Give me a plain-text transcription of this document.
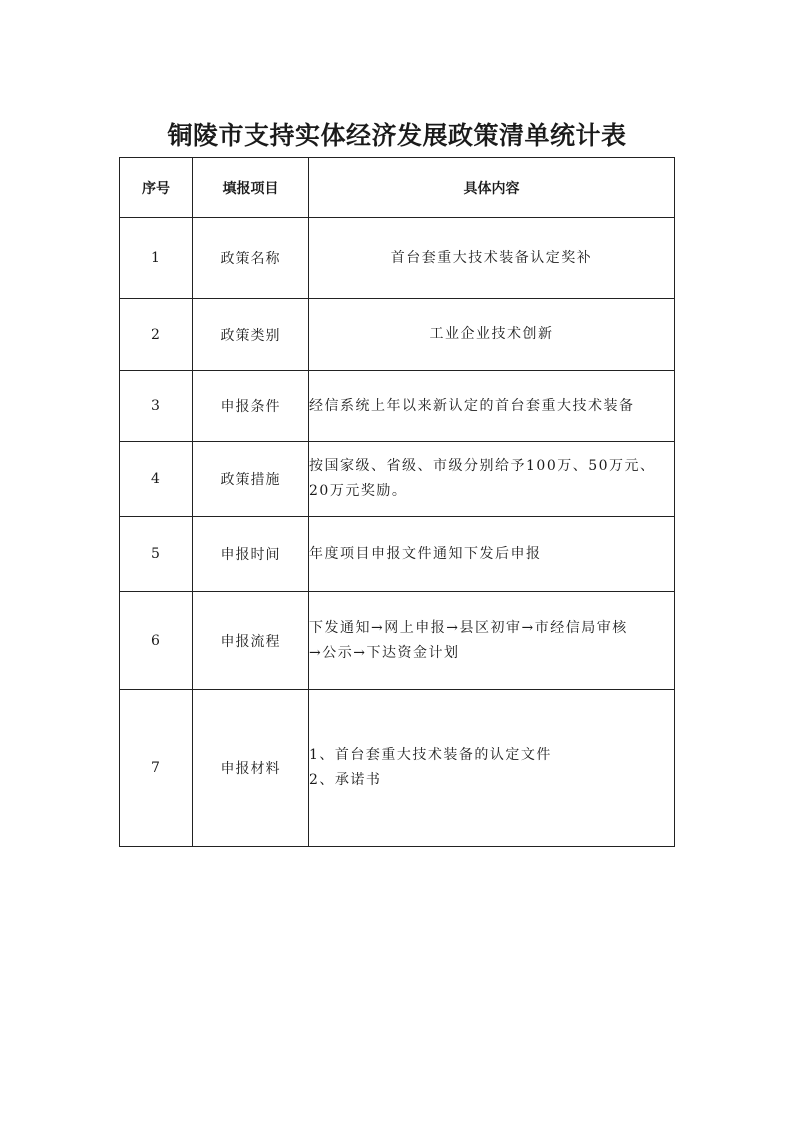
铜陵市支持实体经济发展政策清单统计表
序号	填报项目	具体内容
1	政策名称	首台套重大技术装备认定奖补

2	政策类别	工业企业技术创新

3	申报条件	经信系统上年以来新认定的首台套重大技术装备

4	政策措施	按国家级、省级、市级分别给予100万、50万元、
20万元奖励。

5	申报时间	年度项目申报文件通知下发后申报

6	申报流程	下发通知→网上申报→县区初审→市经信局审核
→公示→下达资金计划

7	申报材料	1、首台套重大技术装备的认定文件
2、承诺书
